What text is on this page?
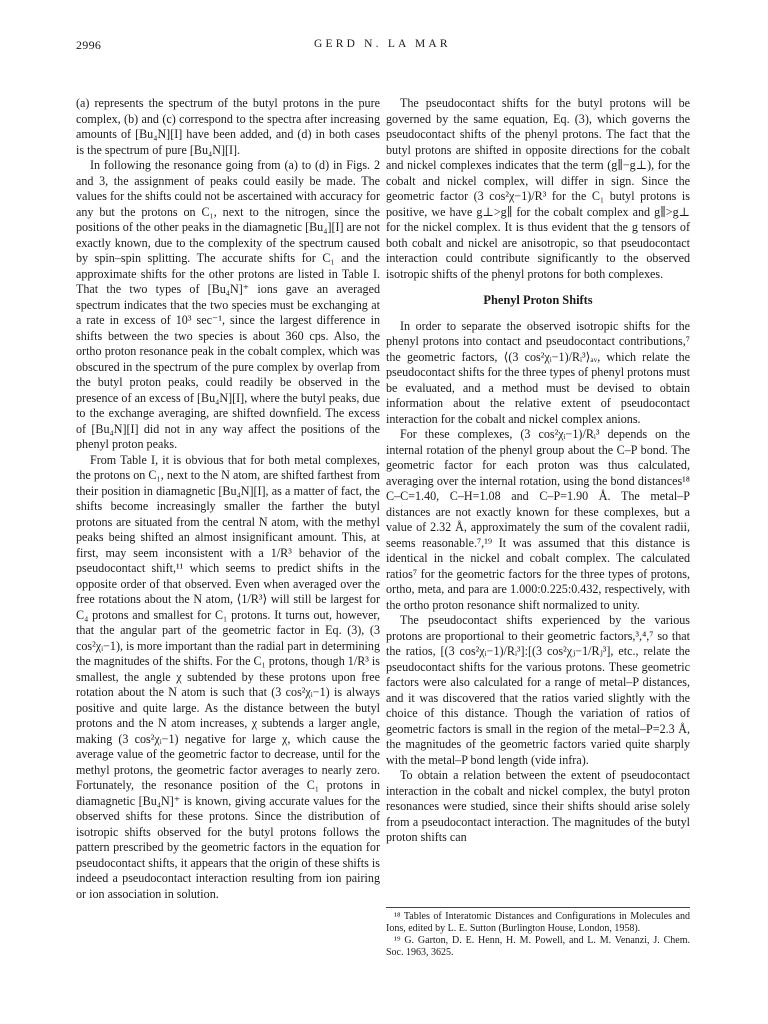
2996	GERD N. LA MAR

(a) represents the spectrum of the butyl protons in the pure complex, (b) and (c) correspond to the spectra after increasing amounts of [Bu₄N][I] have been added, and (d) in both cases is the spectrum of pure [Bu₄N][I].

In following the resonance going from (a) to (d) in Figs. 2 and 3, the assignment of peaks could easily be made. The values for the shifts could not be ascertained with accuracy for any but the protons on C₁, next to the nitrogen, since the positions of the other peaks in the diamagnetic [Bu₄][I] are not exactly known, due to the complexity of the spectrum caused by spin–spin splitting. The accurate shifts for C₁ and the approximate shifts for the other protons are listed in Table I. That the two types of [Bu₄N]⁺ ions gave an averaged spectrum indicates that the two species must be exchanging at a rate in excess of 10³ sec⁻¹, since the largest difference in shifts between the two species is about 360 cps. Also, the ortho proton resonance peak in the cobalt complex, which was obscured in the spectrum of the pure complex by overlap from the butyl proton peaks, could readily be observed in the presence of an excess of [Bu₄N][I], where the butyl peaks, due to the exchange averaging, are shifted downfield. The excess of [Bu₄N][I] did not in any way affect the positions of the phenyl proton peaks.

From Table I, it is obvious that for both metal complexes, the protons on C₁, next to the N atom, are shifted farthest from their position in diamagnetic [Bu₄N][I], as a matter of fact, the shifts become increasingly smaller the farther the butyl protons are situated from the central N atom, with the methyl peaks being shifted an almost insignificant amount. This, at first, may seem inconsistent with a 1/R³ behavior of the pseudocontact shift,¹¹ which seems to predict shifts in the opposite order of that observed. Even when averaged over the free rotations about the N atom, ⟨1/R³⟩ will still be largest for C₄ protons and smallest for C₁ protons. It turns out, however, that the angular part of the geometric factor in Eq. (3), (3 cos²χᵢ−1), is more important than the radial part in determining the magnitudes of the shifts. For the C₁ protons, though 1/R³ is smallest, the angle χ subtended by these protons upon free rotation about the N atom is such that (3 cos²χᵢ−1) is always positive and quite large. As the distance between the butyl protons and the N atom increases, χ subtends a larger angle, making (3 cos²χᵢ−1) negative for large χ, which cause the average value of the geometric factor to decrease, until for the methyl protons, the geometric factor averages to nearly zero. Fortunately, the resonance position of the C₁ protons in diamagnetic [Bu₄N]⁺ is known, giving accurate values for the observed shifts for these protons. Since the distribution of isotropic shifts observed for the butyl protons follows the pattern prescribed by the geometric factors in the equation for pseudocontact shifts, it appears that the origin of these shifts is indeed a pseudocontact interaction resulting from ion pairing or ion association in solution.

The pseudocontact shifts for the butyl protons will be governed by the same equation, Eq. (3), which governs the pseudocontact shifts of the phenyl protons. The fact that the butyl protons are shifted in opposite directions for the cobalt and nickel complexes indicates that the term (g∥−g⊥), for the cobalt and nickel complex, will differ in sign. Since the geometric factor (3 cos²χ−1)/R³ for the C₁ butyl protons is positive, we have g⊥>g∥ for the cobalt complex and g∥>g⊥ for the nickel complex. It is thus evident that the g tensors of both cobalt and nickel are anisotropic, so that pseudocontact interaction could contribute significantly to the observed isotropic shifts of the phenyl protons for both complexes.

Phenyl Proton Shifts

In order to separate the observed isotropic shifts for the phenyl protons into contact and pseudocontact contributions,⁷ the geometric factors, ⟨(3 cos²χᵢ−1)/Rᵢ³⟩ₐᵥ, which relate the pseudocontact shifts for the three types of phenyl protons must be evaluated, and a method must be devised to obtain information about the relative extent of pseudocontact interaction for the cobalt and nickel complex anions.

For these complexes, (3 cos²χᵢ−1)/Rᵢ³ depends on the internal rotation of the phenyl group about the C–P bond. The geometric factor for each proton was thus calculated, averaging over the internal rotation, using the bond distances¹⁸ C–C=1.40, C–H=1.08 and C–P=1.90 Å. The metal–P distances are not exactly known for these complexes, but a value of 2.32 Å, approximately the sum of the covalent radii, seems reasonable.⁷,¹⁹ It was assumed that this distance is identical in the nickel and cobalt complex. The calculated ratios⁷ for the geometric factors for the three types of protons, ortho, meta, and para are 1.000:0.225:0.432, respectively, with the ortho proton resonance shift normalized to unity.

The pseudocontact shifts experienced by the various protons are proportional to their geometric factors,³,⁴,⁷ so that the ratios, [(3 cos²χᵢ−1)/Rᵢ³]:[(3 cos²χⱼ−1/Rⱼ³], etc., relate the pseudocontact shifts for the various protons. These geometric factors were also calculated for a range of metal–P distances, and it was discovered that the ratios varied slightly with the choice of this distance. Though the variation of ratios of geometric factors is small in the region of the metal–P=2.3 Å, the magnitudes of the geometric factors varied quite sharply with the metal–P bond length (vide infra).

To obtain a relation between the extent of pseudocontact interaction in the cobalt and nickel complex, the butyl proton resonances were studied, since their shifts should arise solely from a pseudocontact interaction. The magnitudes of the butyl proton shifts can

¹⁸ Tables of Interatomic Distances and Configurations in Molecules and Ions, edited by L. E. Sutton (Burlington House, London, 1958).

¹⁹ G. Garton, D. E. Henn, H. M. Powell, and L. M. Venanzi, J. Chem. Soc. 1963, 3625.
